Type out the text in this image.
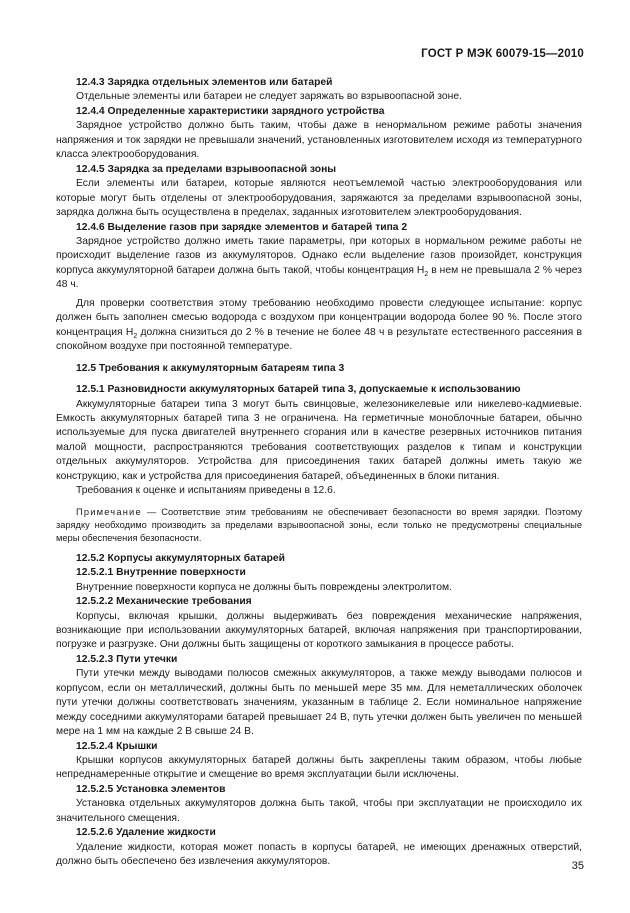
ГОСТ Р МЭК 60079-15—2010

12.4.3 Зарядка отдельных элементов или батарей

Отдельные элементы или батареи не следует заряжать во взрывоопасной зоне.

12.4.4 Определенные характеристики зарядного устройства

Зарядное устройство должно быть таким, чтобы даже в ненормальном режиме работы значения напряжения и ток зарядки не превышали значений, установленных изготовителем исходя из температурного класса электрооборудования.

12.4.5 Зарядка за пределами взрывоопасной зоны

Если элементы или батареи, которые являются неотъемлемой частью электрооборудования или которые могут быть отделены от электрооборудования, заряжаются за пределами взрывоопасной зоны, зарядка должна быть осуществлена в пределах, заданных изготовителем электрооборудования.

12.4.6 Выделение газов при зарядке элементов и батарей типа 2

Зарядное устройство должно иметь такие параметры, при которых в нормальном режиме работы не происходит выделение газов из аккумуляторов. Однако если выделение газов произойдет, конструкция корпуса аккумуляторной батареи должна быть такой, чтобы концентрация $H_2$ в нем не превышала 2 % через 48 ч.

Для проверки соответствия этому требованию необходимо провести следующее испытание: корпус должен быть заполнен смесью водорода с воздухом при концентрации водорода более 90 %. После этого концентрация $H_2$ должна снизиться до 2 % в течение не более 48 ч в результате естественного рассеяния в спокойном воздухе при постоянной температуре.

12.5 Требования к аккумуляторным батареям типа 3

12.5.1 Разновидности аккумуляторных батарей типа 3, допускаемые к использованию

Аккумуляторные батареи типа 3 могут быть свинцовые, железоникелевые или никелево-кадмиевые. Емкость аккумуляторных батарей типа 3 не ограничена. На герметичные моноблочные батареи, обычно используемые для пуска двигателей внутреннего сгорания или в качестве резервных источников питания малой мощности, распространяются требования соответствующих разделов к типам и конструкции отдельных аккумуляторов. Устройства для присоединения таких батарей должны иметь такую же конструкцию, как и устройства для присоединения батарей, объединенных в блоки питания.

Требования к оценке и испытаниям приведены в 12.6.

Примечание — Соответствие этим требованиям не обеспечивает безопасности во время зарядки. Поэтому зарядку необходимо производить за пределами взрывоопасной зоны, если только не предусмотрены специальные меры обеспечения безопасности.

12.5.2 Корпусы аккумуляторных батарей

12.5.2.1 Внутренние поверхности

Внутренние поверхности корпуса не должны быть повреждены электролитом.

12.5.2.2 Механические требования

Корпусы, включая крышки, должны выдерживать без повреждения механические напряжения, возникающие при использовании аккумуляторных батарей, включая напряжения при транспортировании, погрузке и разгрузке. Они должны быть защищены от короткого замыкания в процессе работы.

12.5.2.3 Пути утечки

Пути утечки между выводами полюсов смежных аккумуляторов, а также между выводами полюсов и корпусом, если он металлический, должны быть по меньшей мере 35 мм. Для неметаллических оболочек пути утечки должны соответствовать значениям, указанным в таблице 2. Если номинальное напряжение между соседними аккумуляторами батарей превышает 24 В, путь утечки должен быть увеличен по меньшей мере на 1 мм на каждые 2 В свыше 24 В.

12.5.2.4 Крышки

Крышки корпусов аккумуляторных батарей должны быть закреплены таким образом, чтобы любые непреднамеренные открытие и смещение во время эксплуатации были исключены.

12.5.2.5 Установка элементов

Установка отдельных аккумуляторов должна быть такой, чтобы при эксплуатации не происходило их значительного смещения.

12.5.2.6 Удаление жидкости

Удаление жидкости, которая может попасть в корпусы батарей, не имеющих дренажных отверстий, должно быть обеспечено без извлечения аккумуляторов.	35
